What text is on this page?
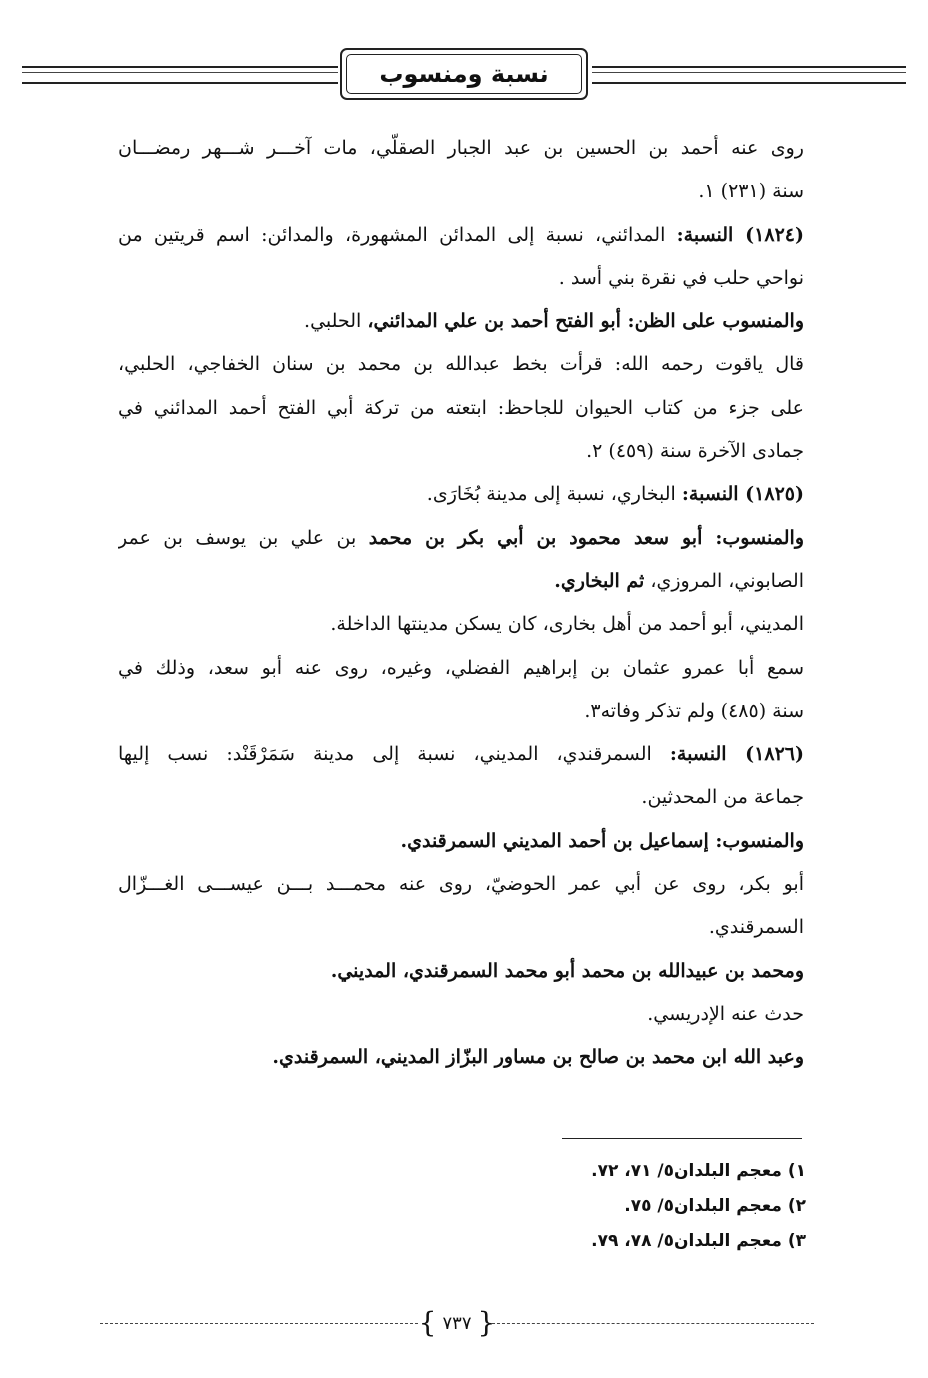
نسبة ومنسوب
روى عنه أحمد بن الحسين بن عبد الجبار الصقلّي، مات آخـــر شـــهر رمضـــان
سنة (٢٣١) ١.
(١٨٢٤) النسبة: المدائني، نسبة إلى المدائن المشهورة، والمدائن: اسم قريتين من
نواحي حلب في نقرة بني أسد .
والمنسوب على الظن: أبو الفتح أحمد بن علي المدائني، الحلبي.
قال ياقوت رحمه الله: قرأت بخط عبدالله بن محمد بن سنان الخفاجي، الحلبي،
على جزء من كتاب الحيوان للجاحظ: ابتعته من تركة أبي الفتح أحمد المدائني في
جمادى الآخرة سنة (٤٥٩) ٢.
(١٨٢٥) النسبة: البخاري، نسبة إلى مدينة بُخَارَى.
والمنسوب: أبو سعد محمود بن أبي بكر بن محمد بن علي بن يوسف بن عمر
الصابوني، المروزي، ثم البخاري.
المديني، أبو أحمد من أهل بخارى، كان يسكن مدينتها الداخلة.
سمع أبا عمرو عثمان بن إبراهيم الفضلي، وغيره، روى عنه أبو سعد، وذلك في
سنة (٤٨٥) ولم تذكر وفاته٣.
(١٨٢٦) النسبة: السمرقندي، المديني، نسبة إلى مدينة سَمَرْقَنْد: نسب إليها
جماعة من المحدثين.
والمنسوب: إسماعيل بن أحمد المديني السمرقندي.
أبو بكر، روى عن أبي عمر الحوضيّ، روى عنه محمـــد بـــن عيســـى الغـــزّال
السمرقندي.
ومحمد بن عبيدالله بن محمد أبو محمد السمرقندي، المديني.
حدث عنه الإدريسي.
وعبد الله ابن محمد بن صالح بن مساور البزّاز المديني، السمرقندي.
١) معجم البلدان٥/ ٧١، ٧٢.
٢) معجم البلدان٥/ ٧٥.
٣) معجم البلدان٥/ ٧٨، ٧٩.
{ ٧٣٧ }
